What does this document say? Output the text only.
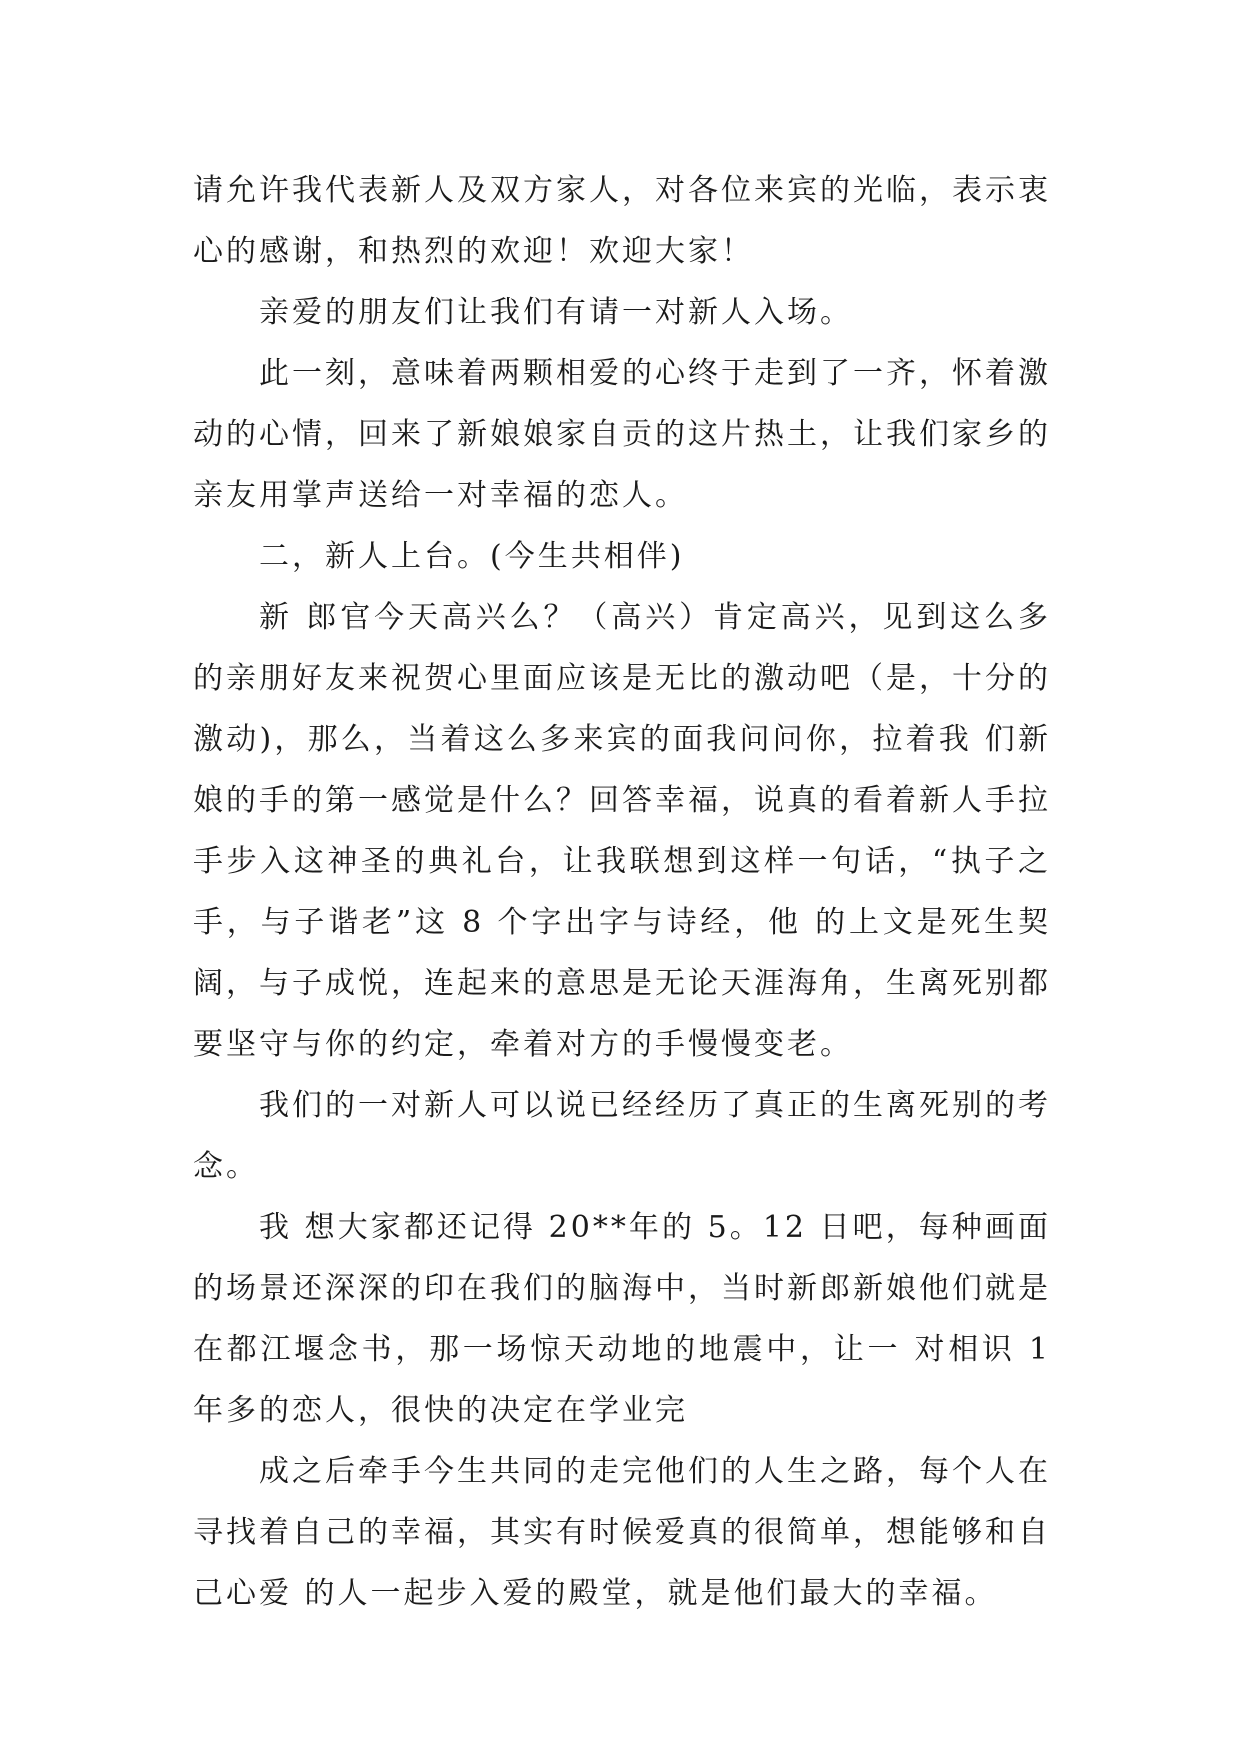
请允许我代表新人及双方家人，对各位来宾的光临，表示衷心的感谢，和热烈的欢迎！欢迎大家！

亲爱的朋友们让我们有请一对新人入场。

此一刻，意味着两颗相爱的心终于走到了一齐，怀着激动的心情，回来了新娘娘家自贡的这片热土，让我们家乡的亲友用掌声送给一对幸福的恋人。

二，新人上台。(今生共相伴)

新 郎官今天高兴么？（高兴）肯定高兴，见到这么多的亲朋好友来祝贺心里面应该是无比的激动吧（是，十分的激动)，那么，当着这么多来宾的面我问问你，拉着我 们新娘的手的第一感觉是什么？回答幸福，说真的看着新人手拉手步入这神圣的典礼台，让我联想到这样一句话，“执子之手，与子谐老”这 8 个字出字与诗经，他 的上文是死生契阔，与子成悦，连起来的意思是无论天涯海角，生离死别都要坚守与你的约定，牵着对方的手慢慢变老。

我们的一对新人可以说已经经历了真正的生离死别的考念。

我 想大家都还记得 20**年的 5。12 日吧，每种画面的场景还深深的印在我们的脑海中，当时新郎新娘他们就是在都江堰念书，那一场惊天动地的地震中，让一 对相识 1 年多的恋人，很快的决定在学业完

成之后牵手今生共同的走完他们的人生之路，每个人在寻找着自己的幸福，其实有时候爱真的很简单，想能够和自己心爱 的人一起步入爱的殿堂，就是他们最大的幸福。
